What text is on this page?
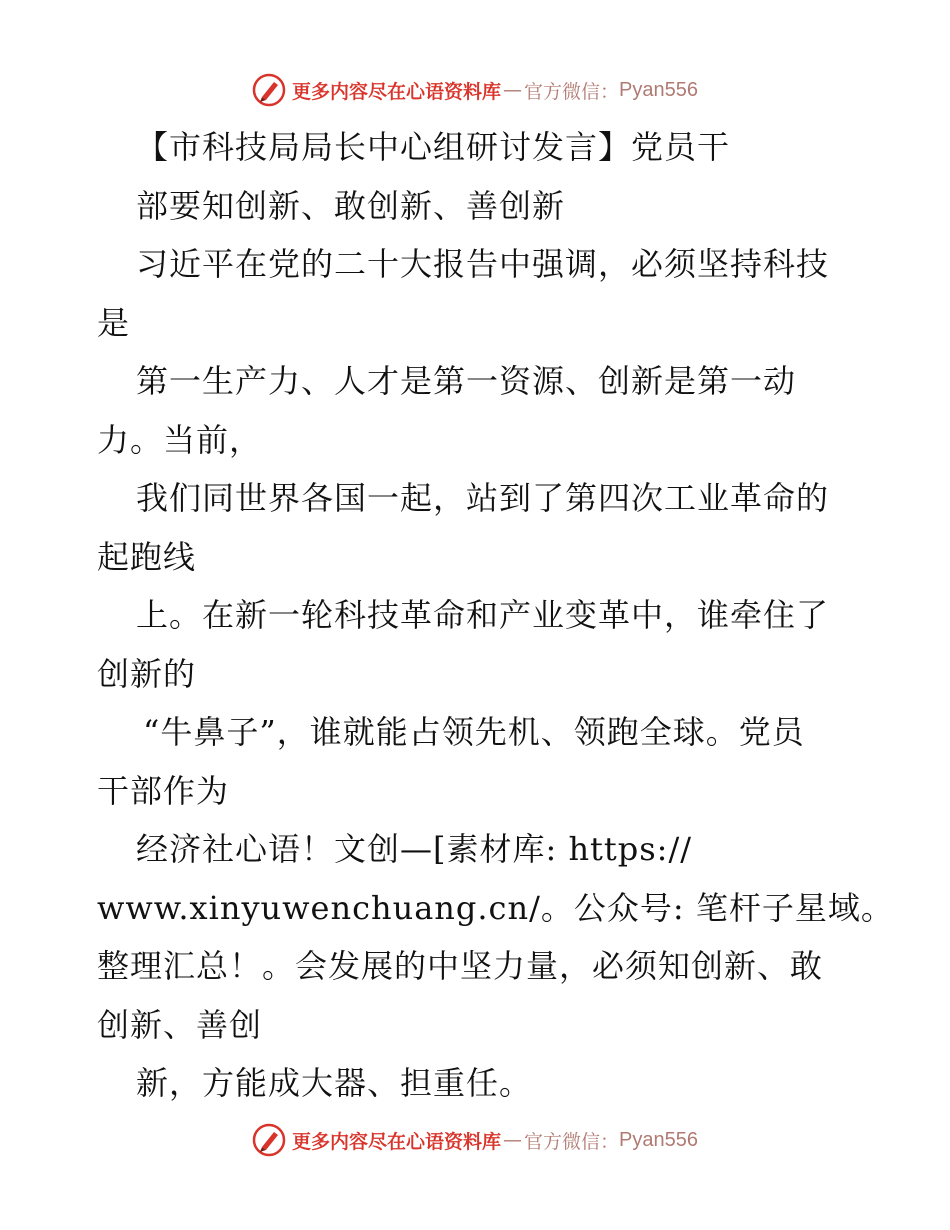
更多内容尽在心语资料库 — 官方微信： Pyan556
【市科技局局长中心组研讨发言】党员干
部要知创新、敢创新、善创新
习近平在党的二十大报告中强调，必须坚持科技
是
第一生产力、人才是第一资源、创新是第一动
力。当前，
我们同世界各国一起，站到了第四次工业革命的
起跑线
上。在新一轮科技革命和产业变革中，谁牵住了
创新的
“牛鼻子”，谁就能占领先机、领跑全球。党员
干部作为
经济社心语！文创—[素材库: https://
www.xinyuwenchuang.cn/。公众号: 笔杆子星域。
整理汇总！。会发展的中坚力量，必须知创新、敢
创新、善创
新，方能成大器、担重任。
更多内容尽在心语资料库 — 官方微信： Pyan556
